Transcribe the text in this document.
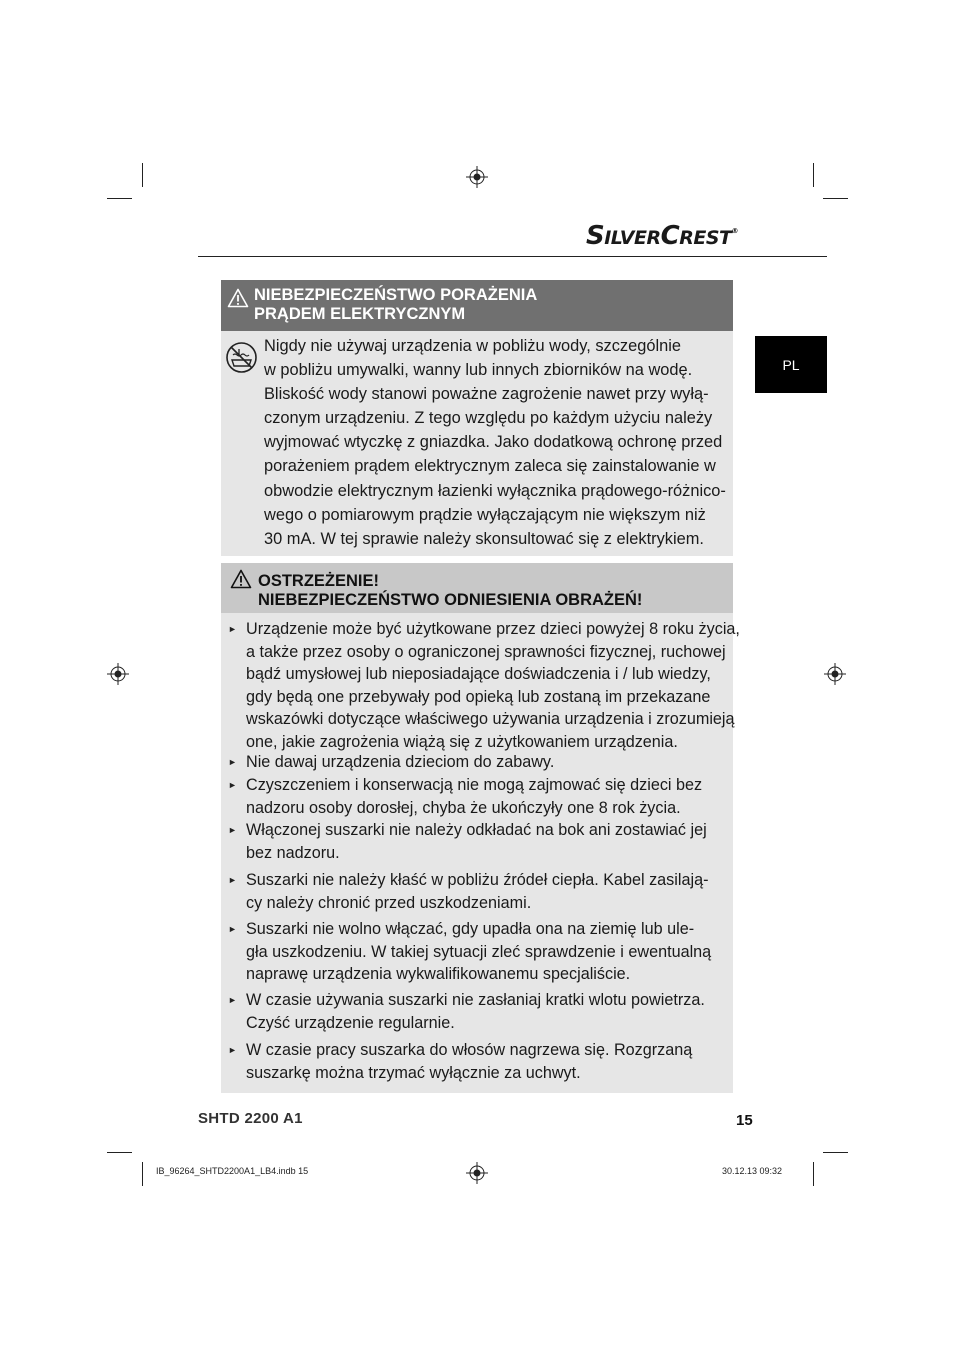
SILVERCREST®
PL
NIEBEZPIECZEŃSTWO PORAŻENIA
PRĄDEM ELEKTRYCZNYM
Nigdy nie używaj urządzenia w pobliżu wody, szczególnie
w pobliżu umywalki, wanny lub innych zbiorników na wodę.
Bliskość wody stanowi poważne zagrożenie nawet przy wyłą-
czonym urządzeniu. Z tego względu po każdym użyciu należy
wyjmować wtyczkę z gniazdka. Jako dodatkową ochronę przed
porażeniem prądem elektrycznym zaleca się zainstalowanie w
obwodzie elektrycznym łazienki wyłącznika prądowego-różnico-
wego o pomiarowym prądzie wyłączającym nie większym niż
30 mA. W tej sprawie należy skonsultować się z elektrykiem.
OSTRZEŻENIE!
NIEBEZPIECZEŃSTWO ODNIESIENIA OBRAŻEŃ!
► Urządzenie może być użytkowane przez dzieci powyżej 8 roku życia,
a także przez osoby o ograniczonej sprawności fizycznej, ruchowej
bądź umysłowej lub nieposiadające doświadczenia i / lub wiedzy,
gdy będą one przebywały pod opieką lub zostaną im przekazane
wskazówki dotyczące właściwego używania urządzenia i zrozumieją
one, jakie zagrożenia wiążą się z użytkowaniem urządzenia.
► Nie dawaj urządzenia dzieciom do zabawy.
► Czyszczeniem i konserwacją nie mogą zajmować się dzieci bez
nadzoru osoby dorosłej, chyba że ukończyły one 8 rok życia.
► Włączonej suszarki nie należy odkładać na bok ani zostawiać jej
bez nadzoru.
► Suszarki nie należy kłaść w pobliżu źródeł ciepła. Kabel zasilają-
cy należy chronić przed uszkodzeniami.
► Suszarki nie wolno włączać, gdy upadła ona na ziemię lub ule-
gła uszkodzeniu. W takiej sytuacji zleć sprawdzenie i ewentualną
naprawę urządzenia wykwalifikowanemu specjaliście.
► W czasie używania suszarki nie zasłaniaj kratki wlotu powietrza.
Czyść urządzenie regularnie.
► W czasie pracy suszarka do włosów nagrzewa się. Rozgrzaną
suszarkę można trzymać wyłącznie za uchwyt.
SHTD 2200 A1	15
IB_96264_SHTD2200A1_LB4.indb 15	30.12.13 09:32
